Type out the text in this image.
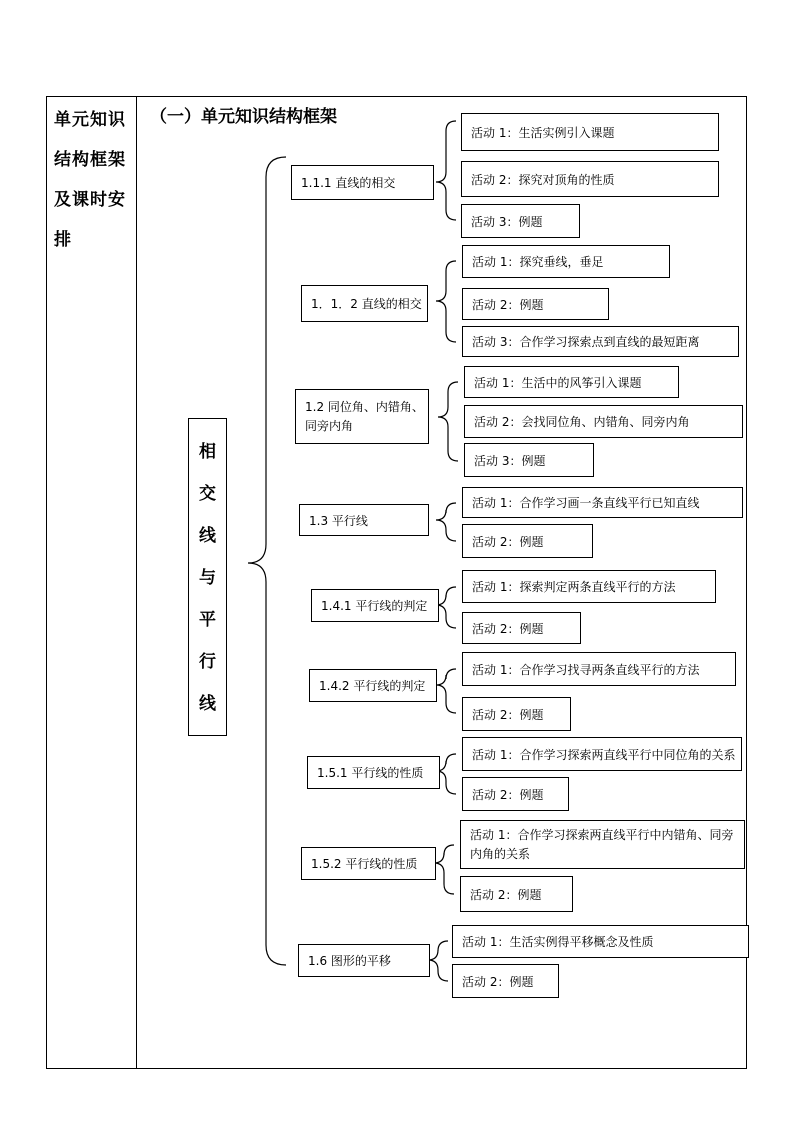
单元知识
结构框架
及课时安
排
（一）单元知识结构框架
相
交
线
与
平
行
线
1.1.1 直线的相交
活动 1：生活实例引入课题
活动 2：探究对顶角的性质
活动 3：例题
1．1．2 直线的相交
活动 1：探究垂线，垂足
活动 2：例题
活动 3：合作学习探索点到直线的最短距离
1.2 同位角、内错角、同旁内角
活动 1：生活中的风筝引入课题
活动 2：会找同位角、内错角、同旁内角
活动 3：例题
1.3 平行线
活动 1：合作学习画一条直线平行已知直线
活动 2：例题
1.4.1 平行线的判定
活动 1：探索判定两条直线平行的方法
活动 2：例题
1.4.2 平行线的判定
活动 1：合作学习找寻两条直线平行的方法
活动 2：例题
1.5.1 平行线的性质
活动 1：合作学习探索两直线平行中同位角的关系
活动 2：例题
1.5.2 平行线的性质
活动 1：合作学习探索两直线平行中内错角、同旁内角的关系
活动 2：例题
1.6 图形的平移
活动 1：生活实例得平移概念及性质
活动 2：例题
